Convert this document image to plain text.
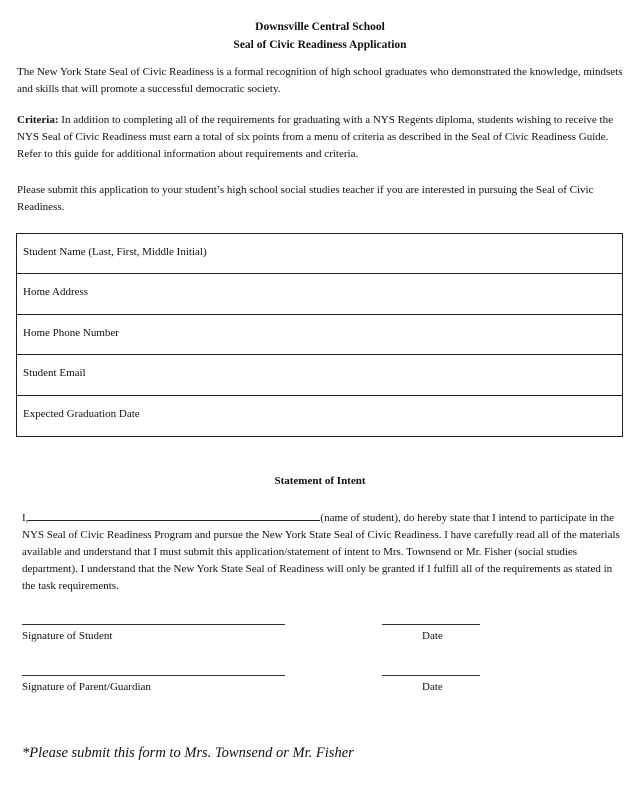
Downsville Central School
Seal of Civic Readiness Application
The New York State Seal of Civic Readiness is a formal recognition of high school graduates who demonstrated the knowledge, mindsets and skills that will promote a successful democratic society.
Criteria: In addition to completing all of the requirements for graduating with a NYS Regents diploma, students wishing to receive the NYS Seal of Civic Readiness must earn a total of six points from a menu of criteria as described in the Seal of Civic Readiness Guide. Refer to this guide for additional information about requirements and criteria.
Please submit this application to your student’s high school social studies teacher if you are interested in pursuing the Seal of Civic Readiness.
Student Name (Last, First, Middle Initial)
Home Address
Home Phone Number
Student Email
Expected Graduation Date
Statement of Intent
I,	(name of student), do hereby state that I intend to participate in the NYS Seal of Civic Readiness Program and pursue the New York State Seal of Civic Readiness. I have carefully read all of the materials available and understand that I must submit this application/statement of intent to Mrs. Townsend or Mr. Fisher (social studies department). I understand that the New York State Seal of Readiness will only be granted if I fulfill all of the requirements as stated in the task requirements.
Signature of Student	Date
Signature of Parent/Guardian	Date
*Please submit this form to Mrs. Townsend or Mr. Fisher
